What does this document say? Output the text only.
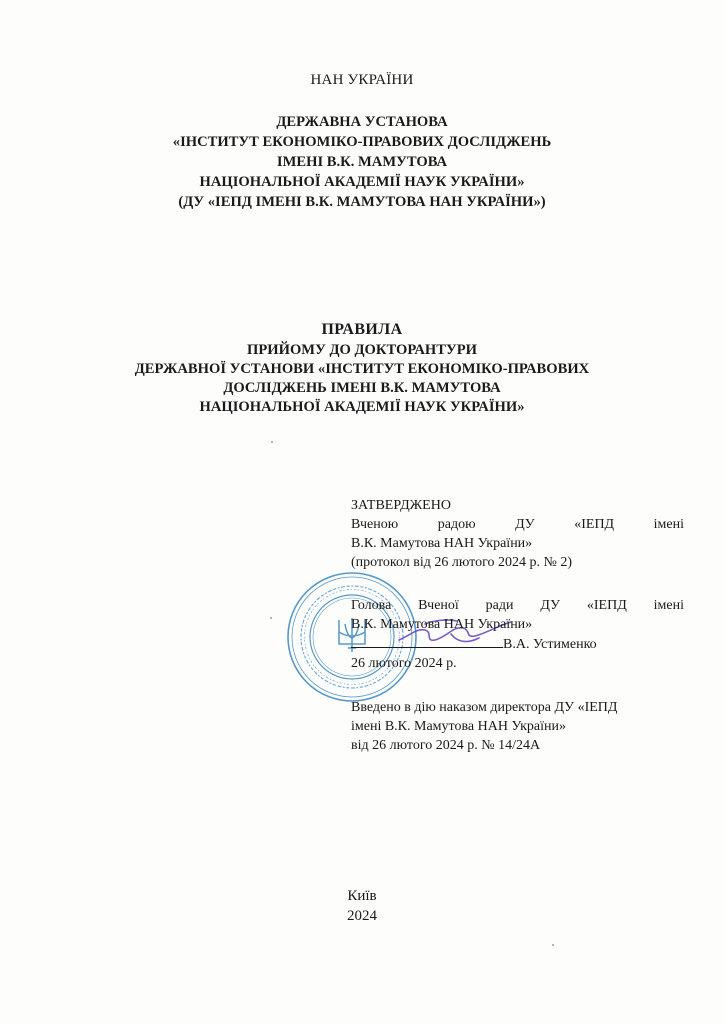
НАН УКРАЇНИ
ДЕРЖАВНА УСТАНОВА
«ІНСТИТУТ ЕКОНОМІКО-ПРАВОВИХ ДОСЛІДЖЕНЬ
ІМЕНІ В.К. МАМУТОВА
НАЦІОНАЛЬНОЇ АКАДЕМІЇ НАУК УКРАЇНИ»
(ДУ «ІЕПД ІМЕНІ В.К. МАМУТОВА НАН УКРАЇНИ»)
ПРАВИЛА
ПРИЙОМУ ДО ДОКТОРАНТУРИ
ДЕРЖАВНОЇ УСТАНОВИ «ІНСТИТУТ ЕКОНОМІКО-ПРАВОВИХ
ДОСЛІДЖЕНЬ ІМЕНІ В.К. МАМУТОВА
НАЦІОНАЛЬНОЇ АКАДЕМІЇ НАУК УКРАЇНИ»
ЗАТВЕРДЖЕНО
Вченою	радою	ДУ	«ІЕПД	імені
В.К. Мамутова НАН України»
(протокол від 26 лютого 2024 р. № 2)
Голова Вченої ради ДУ «ІЕПД імені
В.К. Мамутова НАН України»
В.А. Устименко
26 лютого 2024 р.
Введено в дію наказом директора ДУ «ІЕПД
імені В.К. Мамутова НАН України»
від 26 лютого 2024 р. № 14/24А
Київ
2024
